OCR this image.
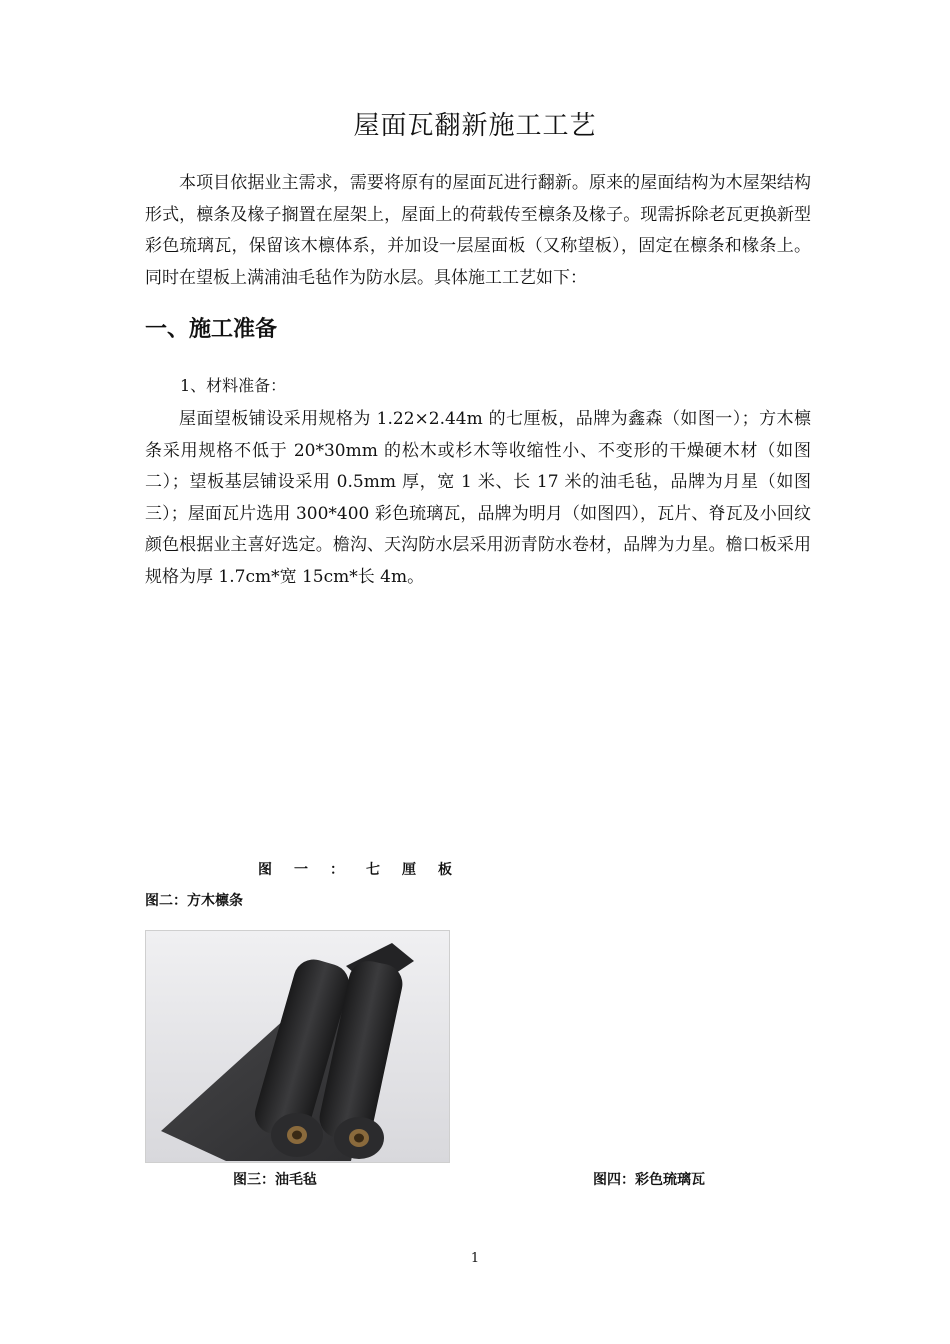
屋面瓦翻新施工工艺

本项目依据业主需求，需要将原有的屋面瓦进行翻新。原来的屋面结构为木屋架结构形式，檩条及椽子搁置在屋架上，屋面上的荷载传至檩条及椽子。现需拆除老瓦更换新型彩色琉璃瓦，保留该木檩体系，并加设一层屋面板（又称望板），固定在檩条和椽条上。同时在望板上满浦油毛毡作为防水层。具体施工工艺如下：

一、施工准备
1、材料准备：

屋面望板铺设采用规格为 1.22×2.44m 的七厘板，品牌为鑫森（如图一）；方木檩条采用规格不低于 20*30mm 的松木或杉木等收缩性小、不变形的干燥硬木材（如图二）；望板基层铺设采用 0.5mm 厚，宽 1 米、长 17 米的油毛毡，品牌为月星（如图三）；屋面瓦片选用 300*400 彩色琉璃瓦，品牌为明月（如图四），瓦片、脊瓦及小回纹颜色根据业主喜好选定。檐沟、天沟防水层采用沥青防水卷材，品牌为力星。檐口板采用规格为厚 1.7cm*宽 15cm*长 4m。

图一：七厘板
图二：方木檩条
图三：油毛毡	图四：彩色琉璃瓦
1
